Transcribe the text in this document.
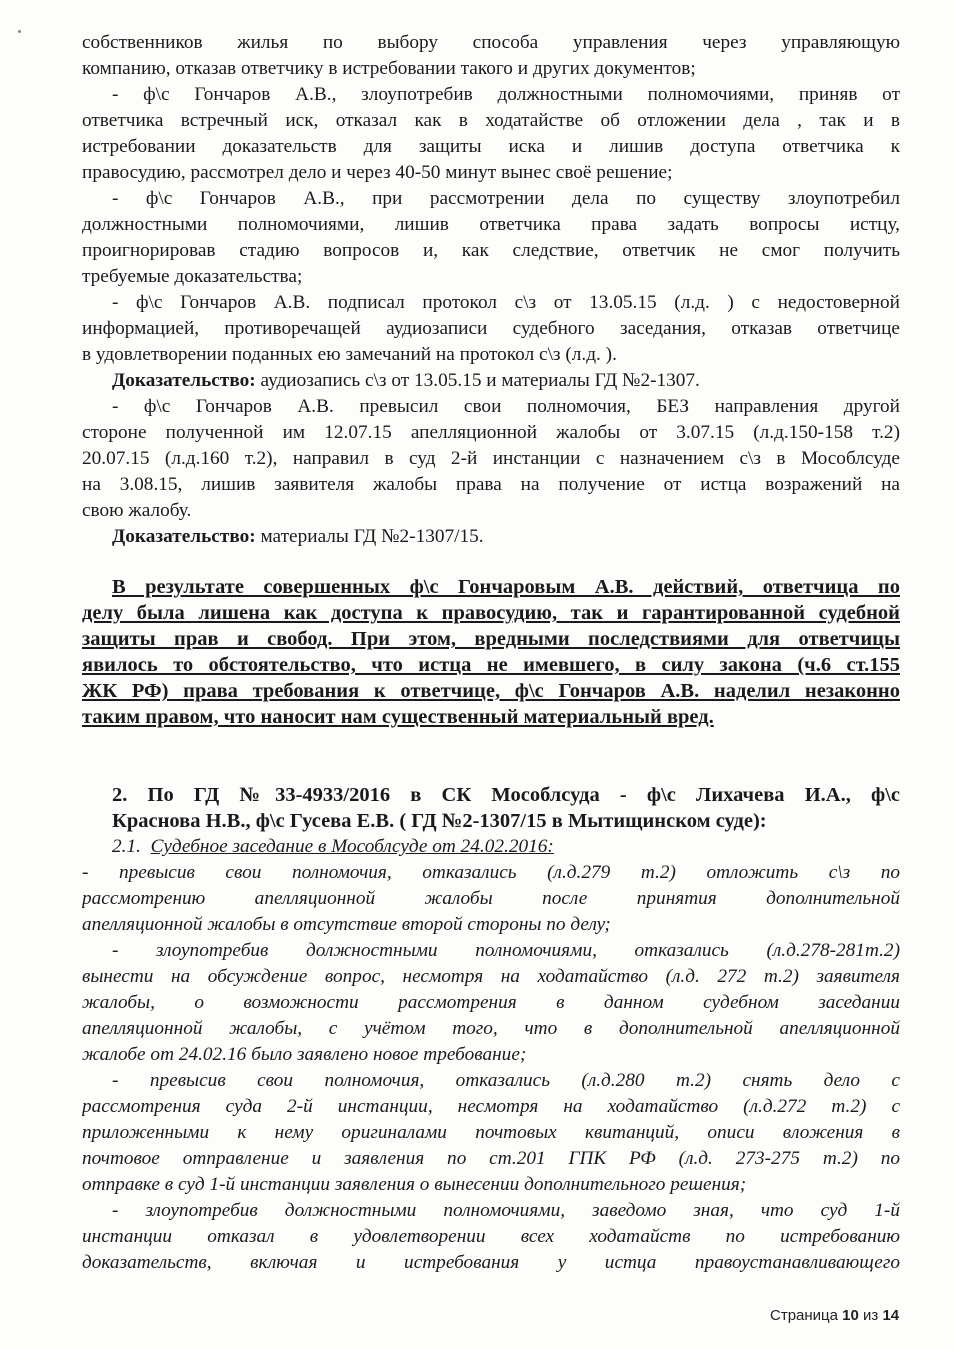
собственников жилья по выбору способа управления через управляющую
компанию, отказав ответчику в истребовании такого и других документов;
- ф\с Гончаров А.В., злоупотребив должностными полномочиями, приняв от
ответчика встречный иск, отказал как в ходатайстве об отложении дела , так и в
истребовании доказательств для защиты иска и лишив доступа ответчика к
правосудию, рассмотрел дело и через 40-50 минут вынес своё решение;
- ф\с Гончаров А.В., при рассмотрении дела по существу злоупотребил
должностными полномочиями, лишив ответчика права задать вопросы истцу,
проигнорировав стадию вопросов и, как следствие, ответчик не смог получить
требуемые доказательства;
- ф\с Гончаров А.В. подписал протокол с\з от 13.05.15 (л.д. ) с недостоверной
информацией, противоречащей аудиозаписи судебного заседания, отказав ответчице
в удовлетворении поданных ею замечаний на протокол с\з (л.д. ).
Доказательство: аудиозапись с\з от 13.05.15 и материалы ГД №2-1307.
- ф\с Гончаров А.В. превысил свои полномочия, БЕЗ направления другой
стороне полученной им 12.07.15 апелляционной жалобы от 3.07.15 (л.д.150-158 т.2)
20.07.15 (л.д.160 т.2), направил в суд 2-й инстанции с назначением с\з в Мособлсуде
на 3.08.15, лишив заявителя жалобы права на получение от истца возражений на
свою жалобу.
Доказательство: материалы ГД №2-1307/15.
В результате совершенных ф\с Гончаровым А.В. действий, ответчица по
делу была лишена как доступа к правосудию, так и гарантированной судебной
защиты прав и свобод. При этом, вредными последствиями для ответчицы
явилось то обстоятельство, что истца не имевшего, в силу закона (ч.6 ст.155
ЖК РФ) права требования к ответчице, ф\с Гончаров А.В. наделил незаконно
таким правом, что наносит нам существенный материальный вред.
2. По ГД №33-4933/2016 в СК Мособлсуда - ф\с Лихачева И.А., ф\с
Краснова Н.В., ф\с Гусева Е.В. ( ГД №2-1307/15 в Мытищинском суде):
2.1. Судебное заседание в Мособлсуде от 24.02.2016:
- превысив свои полномочия, отказались (л.д.279 т.2) отложить с\з по
рассмотрению апелляционной жалобы после принятия дополнительной
апелляционной жалобы в отсутствие второй стороны по делу;
- злоупотребив должностными полномочиями, отказались (л.д.278-281т.2)
вынести на обсуждение вопрос, несмотря на ходатайство (л.д. 272 т.2) заявителя
жалобы, о возможности рассмотрения в данном судебном заседании
апелляционной жалобы, с учётом того, что в дополнительной апелляционной
жалобе от 24.02.16 было заявлено новое требование;
- превысив свои полномочия, отказались (л.д.280 т.2) снять дело с
рассмотрения суда 2-й инстанции, несмотря на ходатайство (л.д.272 т.2) с
приложенными к нему оригиналами почтовых квитанций, описи вложения в
почтовое отправление и заявления по ст.201 ГПК РФ (л.д. 273-275 т.2) по
отправке в суд 1-й инстанции заявления о вынесении дополнительного решения;
- злоупотребив должностными полномочиями, заведомо зная, что суд 1-й
инстанции отказал в удовлетворении всех ходатайств по истребованию
доказательств, включая и истребования у истца правоустанавливающего
Страница 10 из 14
